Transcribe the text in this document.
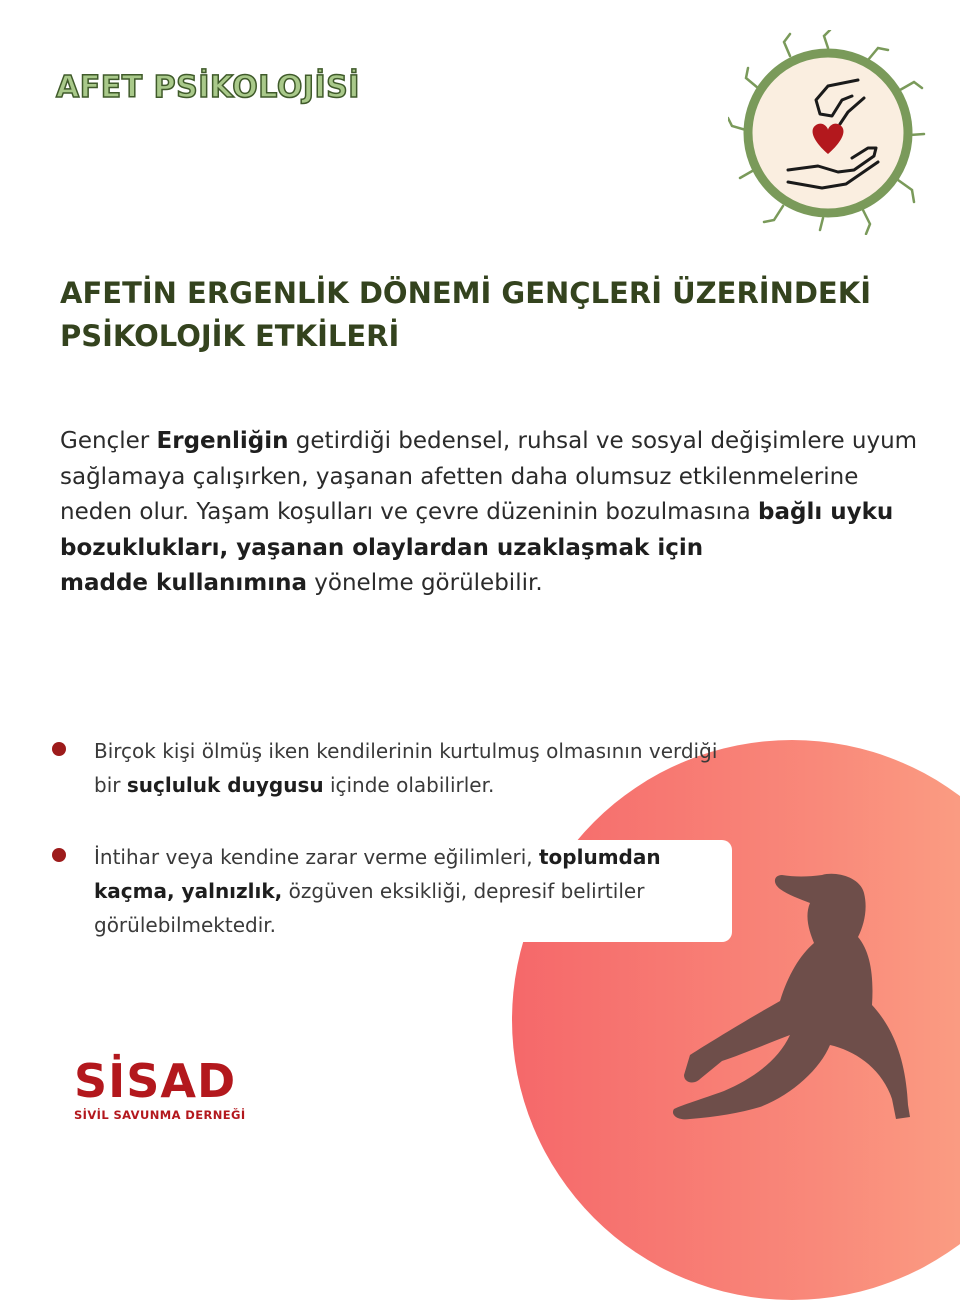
AFET PSİKOLOJİSİ
AFETİN ERGENLİK DÖNEMİ GENÇLERİ ÜZERİNDEKİ
PSİKOLOJİK ETKİLERİ
Gençler Ergenliğin getirdiği bedensel, ruhsal ve sosyal değişimlere uyum sağlamaya çalışırken, yaşanan afetten daha olumsuz etkilenmelerine neden olur. Yaşam koşulları ve çevre düzeninin bozulmasına bağlı uyku bozuklukları, yaşanan olaylardan uzaklaşmak için
madde kullanımına yönelme görülebilir.
Birçok kişi ölmüş iken kendilerinin kurtulmuş olmasının verdiği bir suçluluk duygusu içinde olabilirler.
İntihar veya kendine zarar verme eğilimleri, toplumdan kaçma, yalnızlık, özgüven eksikliği, depresif belirtiler görülebilmektedir.
SİSAD
SİVİL SAVUNMA DERNEĞİ
